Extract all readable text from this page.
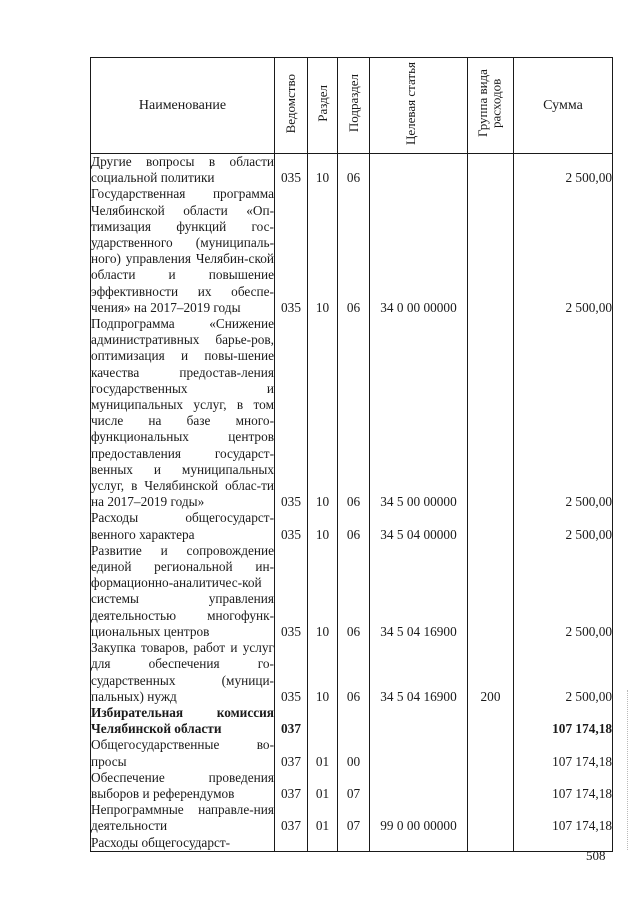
Наименование	Ведомство	Раздел	Подраздел	Целевая статья	Группа вида расходов	Сумма

Другие вопросы в области социальной политики	035	10	06			2 500,00

Государственная программа Челябинской области «Оп-тимизация функций гос-ударственного (муниципаль-ного) управления Челябин-ской области и повышение эффективности их обеспе-чения» на 2017–2019 годы	035	10	06	34 0 00 00000		2 500,00

Подпрограмма «Снижение административных барье-ров, оптимизация и повы-шение качества предостав-ления государственных и муниципальных услуг, в том числе на базе много-функциональных центров предоставления государст-венных и муниципальных услуг, в Челябинской облас-ти на 2017–2019 годы»	035	10	06	34 5 00 00000		2 500,00

Расходы общегосударст-венного характера	035	10	06	34 5 04 00000		2 500,00

Развитие и сопровождение единой региональной ин-формационно-аналитичес-кой системы управления деятельностью многофунк-циональных центров	035	10	06	34 5 04 16900		2 500,00

Закупка товаров, работ и услуг для обеспечения го-сударственных (муници-пальных) нужд	035	10	06	34 5 04 16900	200	2 500,00

Избирательная комиссия Челябинской области	037					107 174,18

Общегосударственные во-просы	037	01	00			107 174,18

Обеспечение проведения выборов и референдумов	037	01	07			107 174,18

Непрограммные направле-ния деятельности	037	01	07	99 0 00 00000		107 174,18

Расходы общегосударст-						

508
